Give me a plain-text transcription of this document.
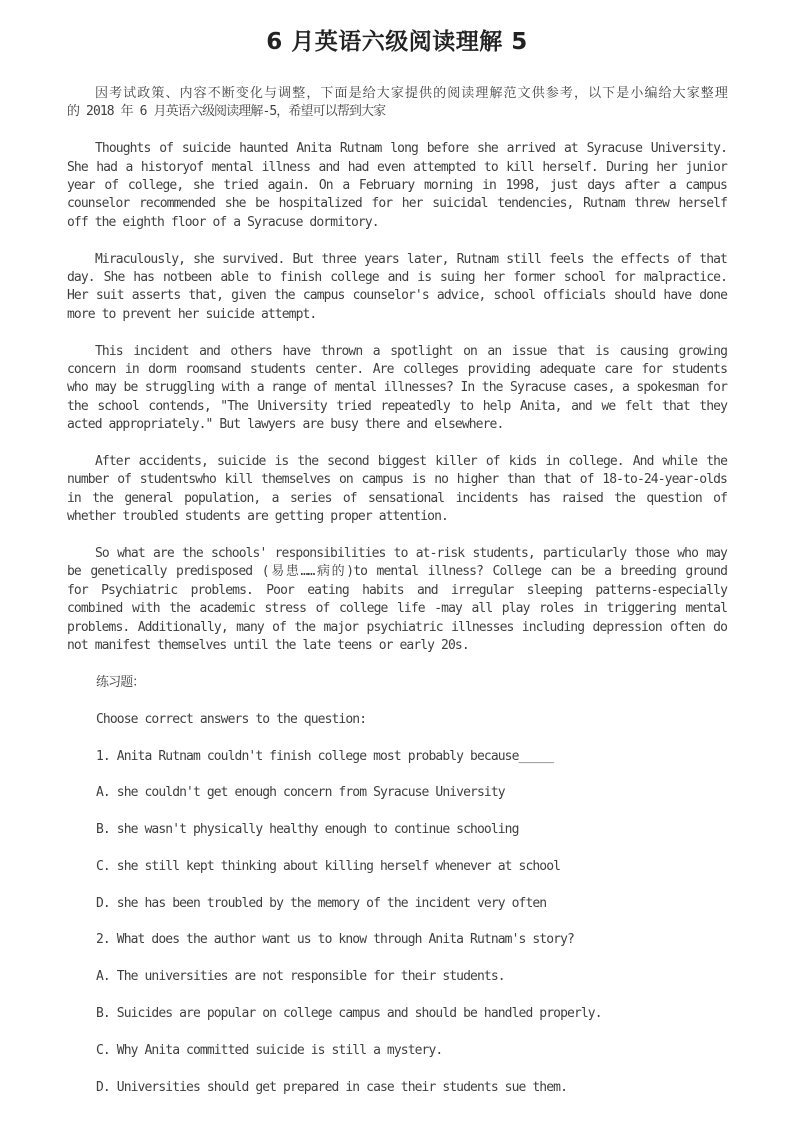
6 月英语六级阅读理解 5
因考试政策、内容不断变化与调整，下面是给大家提供的阅读理解范文供参考，以下是小编给大家整理
的 2018 年 6 月英语六级阅读理解-5，希望可以帮到大家
Thoughts of suicide haunted Anita Rutnam long before she arrived at Syracuse University.
She had a historyof mental illness and had even attempted to kill herself. During her junior
year of college, she tried again. On a February morning in 1998, just days after a campus
counselor recommended she be hospitalized for her suicidal tendencies, Rutnam threw herself
off the eighth floor of a Syracuse dormitory.
Miraculously, she survived. But three years later, Rutnam still feels the effects of that
day. She has notbeen able to finish college and is suing her former school for malpractice.
Her suit asserts that, given the campus counselor's advice, school officials should have done
more to prevent her suicide attempt.
This incident and others have thrown a spotlight on an issue that is causing growing
concern in dorm roomsand students center. Are colleges providing adequate care for students
who may be struggling with a range of mental illnesses? In the Syracuse cases, a spokesman for
the school contends, "The University tried repeatedly to help Anita, and we felt that they
acted appropriately." But lawyers are busy there and elsewhere.
After accidents, suicide is the second biggest killer of kids in college. And while the
number of studentswho kill themselves on campus is no higher than that of 18-to-24-year-olds
in the general population, a series of sensational incidents has raised the question of
whether troubled students are getting proper attention.
So what are the schools' responsibilities to at-risk students, particularly those who may
be genetically predisposed (易患……病的)to mental illness? College can be a breeding ground
for Psychiatric problems. Poor eating habits and irregular sleeping patterns-especially
combined with the academic stress of college life -may all play roles in triggering mental
problems. Additionally, many of the major psychiatric illnesses including depression often do
not manifest themselves until the late teens or early 20s.
练习题：
Choose correct answers to the question:
1. Anita Rutnam couldn't finish college most probably because_____
A. she couldn't get enough concern from Syracuse University
B. she wasn't physically healthy enough to continue schooling
C. she still kept thinking about killing herself whenever at school
D. she has been troubled by the memory of the incident very often
2. What does the author want us to know through Anita Rutnam's story?
A. The universities are not responsible for their students.
B. Suicides are popular on college campus and should be handled properly.
C. Why Anita committed suicide is still a mystery.
D. Universities should get prepared in case their students sue them.
